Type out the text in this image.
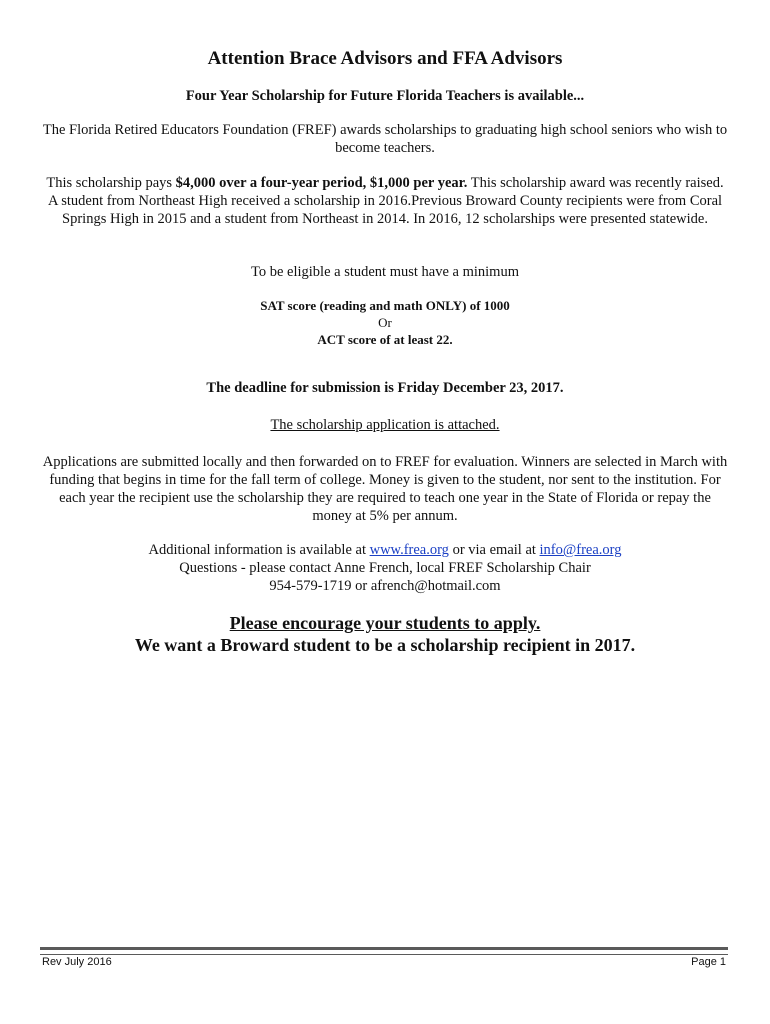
Attention Brace Advisors and FFA Advisors
Four Year Scholarship for Future Florida Teachers is available...
The Florida Retired Educators Foundation (FREF) awards scholarships to graduating high school seniors who wish to become teachers.
This scholarship pays $4,000 over a four-year period, $1,000 per year. This scholarship award was recently raised. A student from Northeast High received a scholarship in 2016.Previous Broward County recipients were from Coral Springs High in 2015 and a student from Northeast in 2014. In 2016, 12 scholarships were presented statewide.
To be eligible a student must have a minimum
SAT score (reading and math ONLY) of 1000
Or
ACT score of at least 22.
The deadline for submission is Friday December 23, 2017.
The scholarship application is attached.
Applications are submitted locally and then forwarded on to FREF for evaluation. Winners are selected in March with funding that begins in time for the fall term of college. Money is given to the student, nor sent to the institution. For each year the recipient use the scholarship they are required to teach one year in the State of Florida or repay the money at 5% per annum.
Additional information is available at www.frea.org or via email at info@frea.org
Questions - please contact Anne French, local FREF Scholarship Chair
954-579-1719 or afrench@hotmail.com
Please encourage your students to apply.
We want a Broward student to be a scholarship recipient in 2017.
Rev July 2016	Page 1
